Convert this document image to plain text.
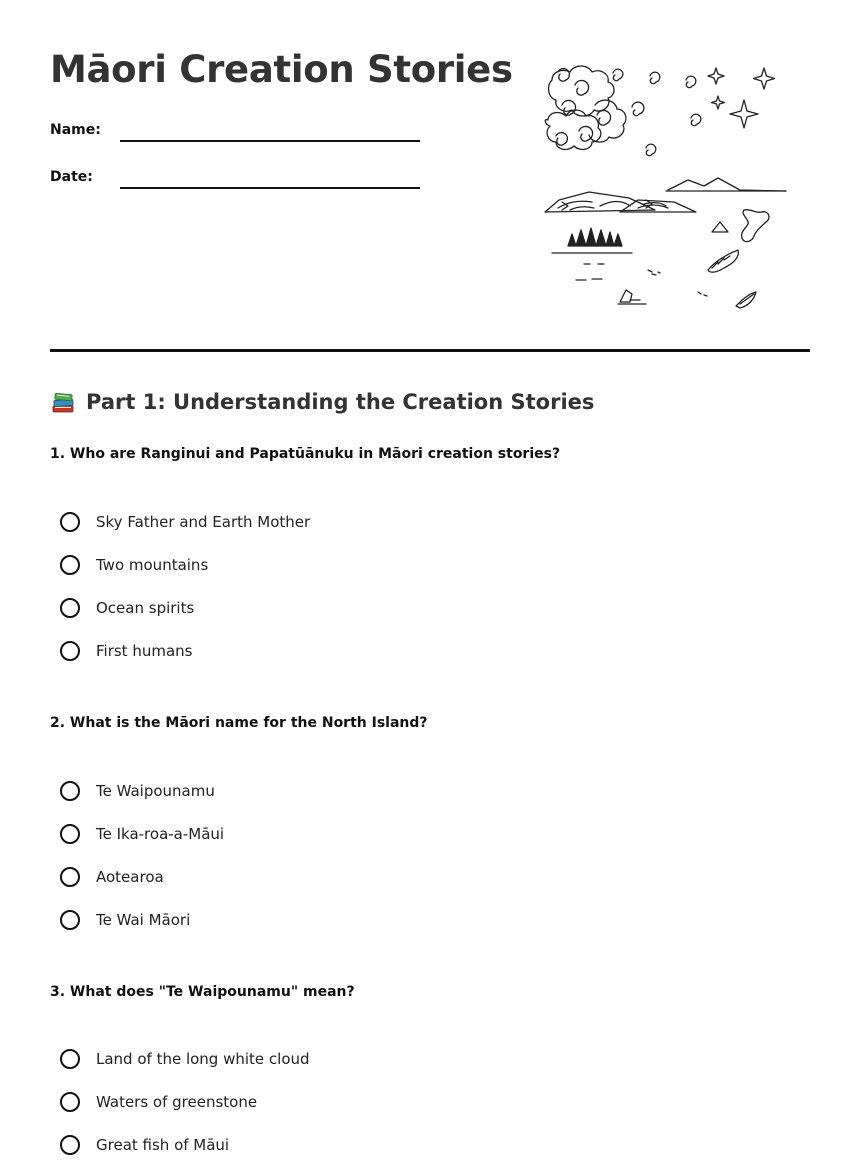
Māori Creation Stories
Name:
Date:
Part 1: Understanding the Creation Stories

1. Who are Ranginui and Papatūānuku in Māori creation stories?

Sky Father and Earth Mother
Two mountains
Ocean spirits
First humans

2. What is the Māori name for the North Island?

Te Waipounamu
Te Ika-roa-a-Māui
Aotearoa
Te Wai Māori

3. What does "Te Waipounamu" mean?

Land of the long white cloud
Waters of greenstone
Great fish of Māui
